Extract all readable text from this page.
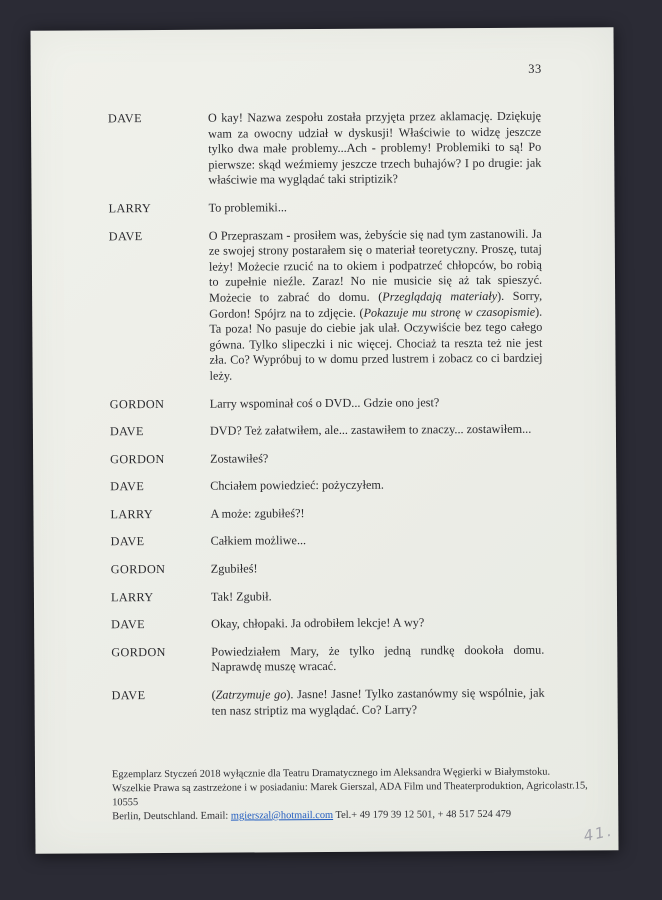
33
DAVE	O kay! Nazwa zespołu została przyjęta przez aklamację. Dziękuję wam za owocny udział w dyskusji! Właściwie to widzę jeszcze tylko dwa małe problemy...Ach - problemy! Problemiki to są! Po pierwsze: skąd weźmiemy jeszcze trzech buhajów? I po drugie: jak właściwie ma wyglądać taki striptizik?
LARRY	To problemiki...
DAVE	O Przepraszam - prosiłem was, żebyście się nad tym zastanowili. Ja ze swojej strony postarałem się o materiał teoretyczny. Proszę, tutaj leży! Możecie rzucić na to okiem i podpatrzeć chłopców, bo robią to zupełnie nieźle. Zaraz! No nie musicie się aż tak spieszyć. Możecie to zabrać do domu. (Przeglądają materiały). Sorry, Gordon! Spójrz na to zdjęcie. (Pokazuje mu stronę w czasopismie). Ta poza! No pasuje do ciebie jak ulał. Oczywiście bez tego całego gówna. Tylko slipeczki i nic więcej. Chociaż ta reszta też nie jest zła. Co? Wypróbuj to w domu przed lustrem i zobacz co ci bardziej leży.
GORDON	Larry wspominał coś o DVD... Gdzie ono jest?
DAVE	DVD? Też załatwiłem, ale... zastawiłem to znaczy... zostawiłem...
GORDON	Zostawiłeś?
DAVE	Chciałem powiedzieć: pożyczyłem.
LARRY	A może: zgubiłeś?!
DAVE	Całkiem możliwe...
GORDON	Zgubiłeś!
LARRY	Tak! Zgubił.
DAVE	Okay, chłopaki. Ja odrobiłem lekcje! A wy?
GORDON	Powiedziałem Mary, że tylko jedną rundkę dookoła domu. Naprawdę muszę wracać.
DAVE	(Zatrzymuje go). Jasne! Jasne! Tylko zastanówmy się wspólnie, jak ten nasz striptiz ma wyglądać. Co? Larry?
Egzemplarz Styczeń 2018 wyłącznie dla Teatru Dramatycznego im Aleksandra Węgierki w Białymstoku.
Wszelkie Prawa są zastrzeżone i w posiadaniu: Marek Gierszal, ADA Film und Theaterproduktion, Agricolastr.15, 10555
Berlin, Deutschland. Email: mgierszal@hotmail.com Tel.+ 49 179 39 12 501, + 48 517 524 479
41.
